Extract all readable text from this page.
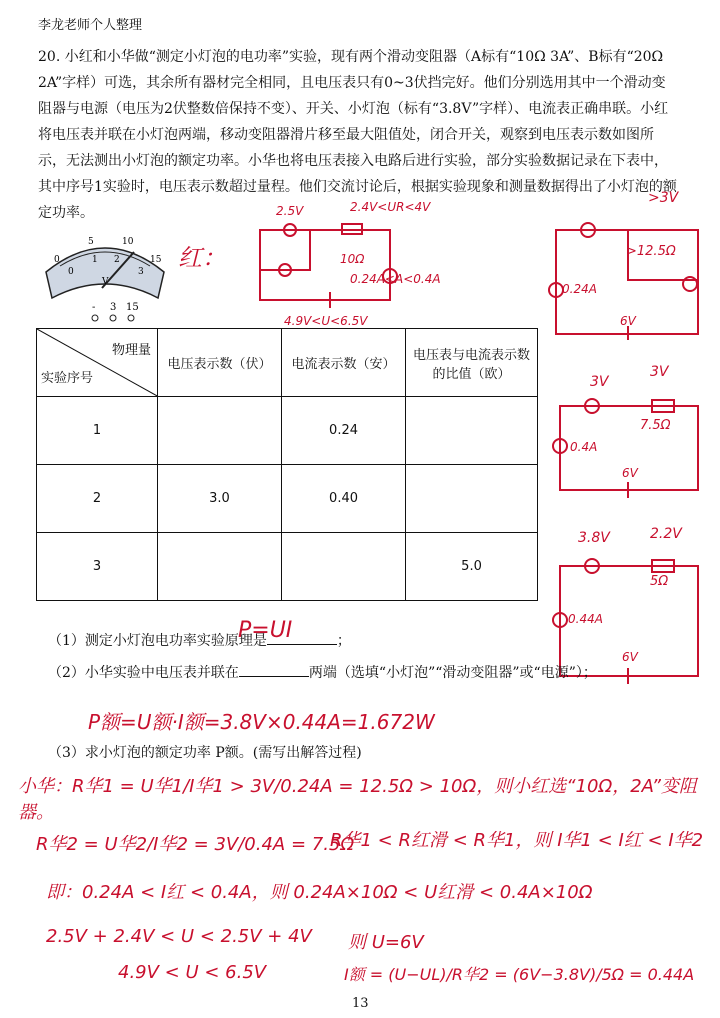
李龙老师个人整理
20. 小红和小华做“测定小灯泡的电功率”实验，现有两个滑动变阻器（A标有“10Ω 3A”、B标有“20Ω 2A”字样）可选，其余所有器材完全相同，且电压表只有0~3伏挡完好。他们分别选用其中一个滑动变阻器与电源（电压为2伏整数倍保持不变）、开关、小灯泡（标有“3.8V”字样）、电流表正确串联。小红将电压表并联在小灯泡两端，移动变阻器滑片移至最大阻值处，闭合开关，观察到电压表示数如图所示，无法测出小灯泡的额定功率。小华也将电压表接入电路后进行实验，部分实验数据记录在下表中，其中序号1实验时，电压表示数超过量程。他们交流讨论后，根据实验现象和测量数据得出了小灯泡的额定功率。
0
5	10
15
0
1 2
3
V
- 3 15
红：
2.5V	2.4V<UR<4V
10Ω
0.24A<A<0.4A
4.9V<U<6.5V
>3V
>12.5Ω
0.24A
6V
3V
3V
7.5Ω
0.4A
6V
3.8V	2.2V
5Ω
0.44A
6V
物理量
实验序号	电压表示数（伏）	电流表示数（安）	电压表与电流表示数的比值（欧）
1		0.24	
2	3.0	0.40	
3			5.0
（1）测定小灯泡电功率实验原理是	；
P=UI
（2）小华实验中电压表并联在	两端（选填“小灯泡”“滑动变阻器”或“电源”）；
P额=U额·I额=3.8V×0.44A=1.672W
（3）求小灯泡的额定功率 P额。(需写出解答过程)
小华：R华1 = U华1/I华1 > 3V/0.24A = 12.5Ω > 10Ω，则小红选“10Ω，2A”变阻器。
R华2 = U华2/I华2 = 3V/0.4A = 7.5Ω
R华1 < R红滑 < R华1，则 I华1 < I红 < I华2
即：0.24A < I红 < 0.4A，则 0.24A×10Ω < U红滑 < 0.4A×10Ω
2.5V + 2.4V < U < 2.5V + 4V 则 U=6V
4.9V < U < 6.5V	I额 = (U−UL)/R华2 = (6V−3.8V)/5Ω = 0.44A
13
